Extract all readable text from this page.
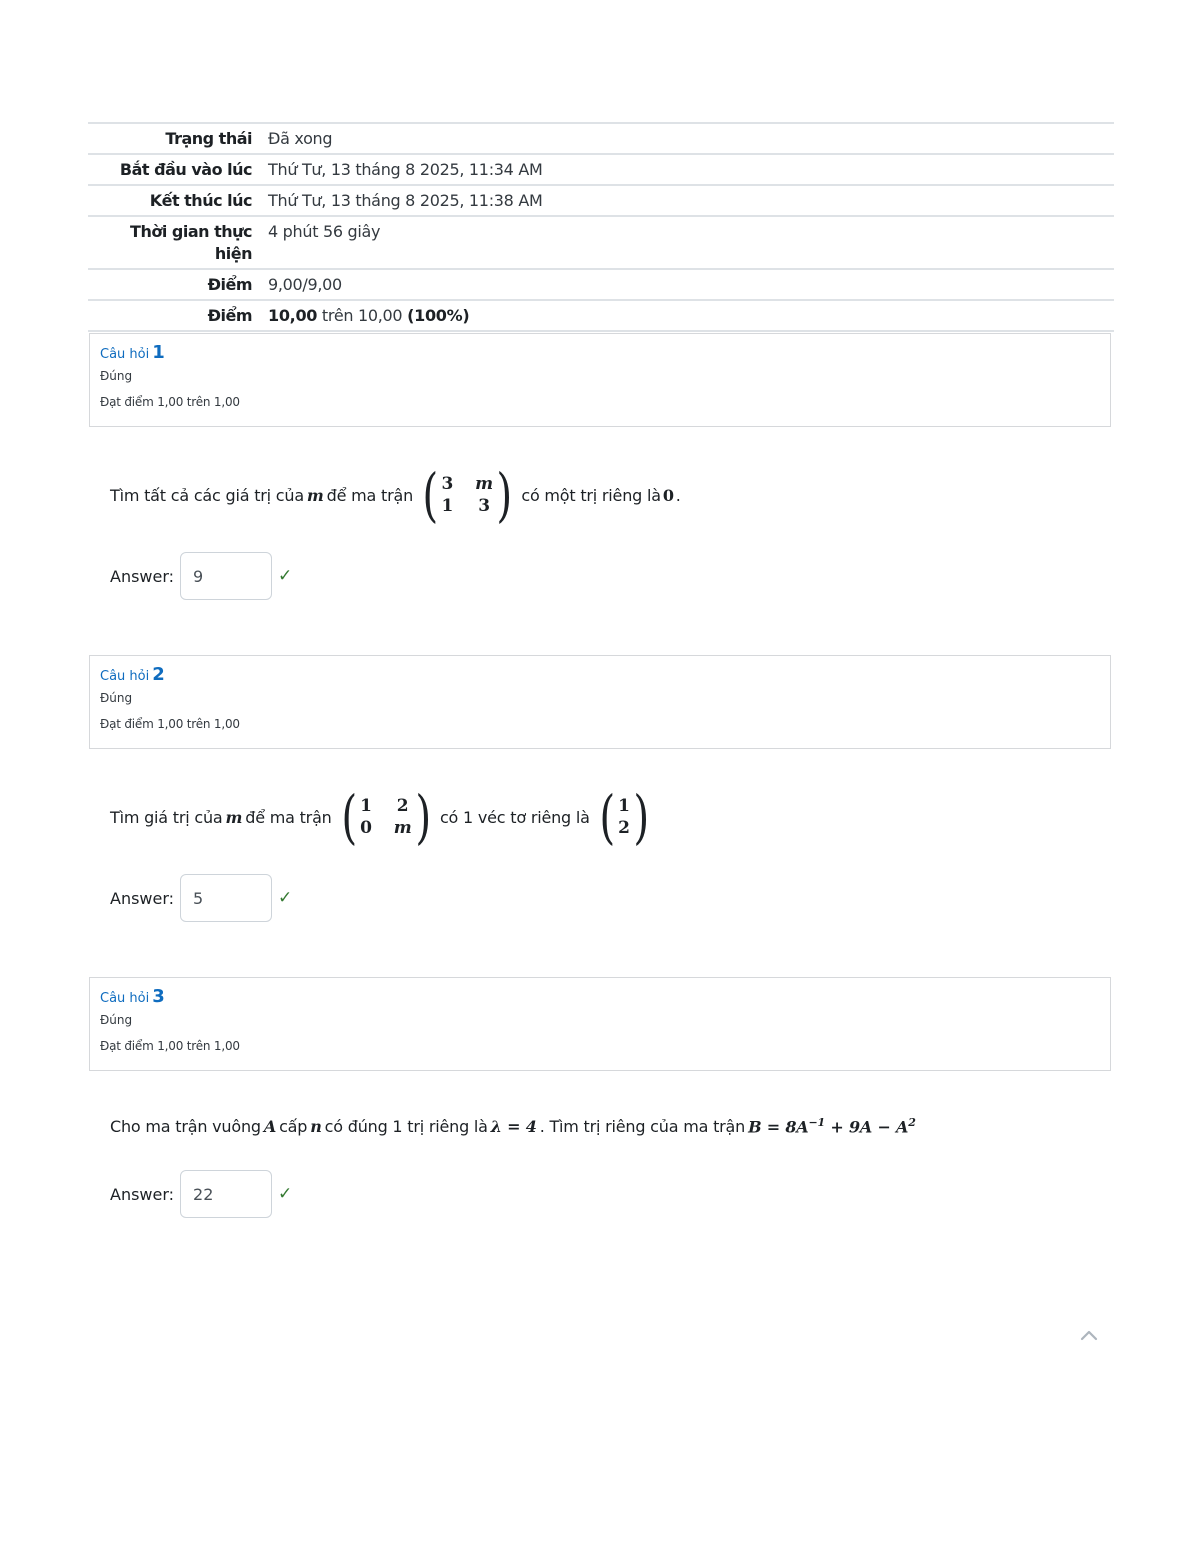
Trạng thái	Đã xong
Bắt đầu vào lúc	Thứ Tư, 13 tháng 8 2025, 11:34 AM
Kết thúc lúc	Thứ Tư, 13 tháng 8 2025, 11:38 AM
Thời gian thực hiện	4 phút 56 giây
Điểm	9,00/9,00
Điểm	10,00 trên 10,00 (100%)
Câu hỏi 1
Đúng
Đạt điểm 1,00 trên 1,00
Tìm tất cả các giá trị của m để ma trận ( 3 m
1 3 ) có một trị riêng là 0 .
Answer:	9	✓
Câu hỏi 2
Đúng
Đạt điểm 1,00 trên 1,00
Tìm giá trị của m để ma trận ( 1 2
0 m ) có 1 véc tơ riêng là ( 1
2 )
Answer:	5	✓
Câu hỏi 3
Đúng
Đạt điểm 1,00 trên 1,00
Cho ma trận vuông A cấp n có đúng 1 trị riêng là λ = 4 . Tìm trị riêng của ma trận $B = 8A^{-1} + 9A - A^2$
Answer:	22	✓
